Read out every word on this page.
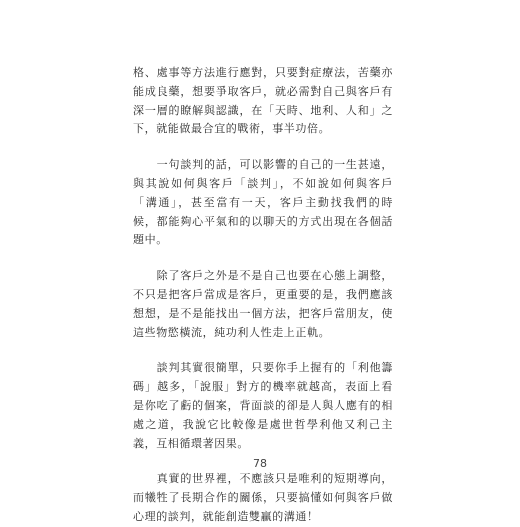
格、處事等方法進行應對，只要對症療法，苦藥亦能成良藥，想要爭取客戶，就必需對自己與客戶有深一層的瞭解與認識，在「天時、地利、人和」之下，就能做最合宜的戰術，事半功倍。

　　一句談判的話，可以影響的自己的一生甚遠，與其說如何與客戶「談判」，不如說如何與客戶「溝通」，甚至當有一天，客戶主動找我們的時候，都能夠心平氣和的以聊天的方式出現在各個話題中。

　　除了客戶之外是不是自己也要在心態上調整，不只是把客戶當成是客戶，更重要的是，我們應該想想，是不是能找出一個方法，把客戶當朋友，使這些物慾橫流，純功利人性走上正軌。

　　談判其實很簡單，只要你手上握有的「利他籌碼」越多，「說服」對方的機率就越高，表面上看是你吃了虧的個案，背面談的卻是人與人應有的相處之道，我說它比較像是處世哲學利他又利己主義，互相循環著因果。

　　真實的世界裡，不應該只是唯利的短期導向，而犧牲了長期合作的關係，只要搞懂如何與客戶做心理的談判，就能創造雙贏的溝通！

78
